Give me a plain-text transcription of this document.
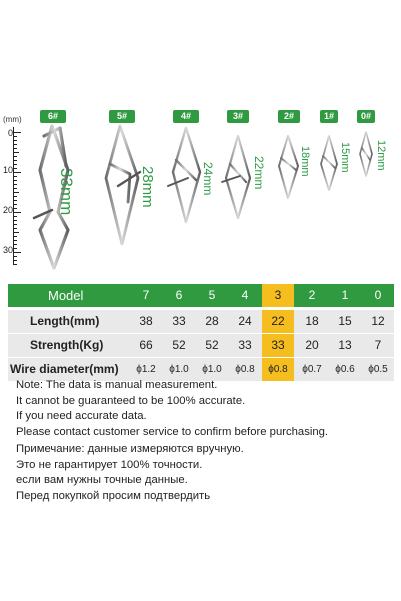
(mm)
0
10
20
30
6#	5#	4#	3#	2#	1#	0#
33mm	28mm	24mm	22mm	18mm	15mm 12mm
Model	7	6	5	4	3	2	1	0
Length(mm)	38	33	28	24	22	18	15	12
Strength(Kg)	66	52	52	33	33	20	13	7
Wire diameter(mm)	ϕ1.2	ϕ1.0	ϕ1.0	ϕ0.8	ϕ0.8	ϕ0.7	ϕ0.6	ϕ0.5
Note: The data is manual measurement.
It cannot be guaranteed to be 100% accurate.
If you need accurate data.
Please contact customer service to confirm before purchasing.
Примечание: данные измеряются вручную.
Это не гарантирует 100% точности.
если вам нужны точные данные.
Перед покупкой просим подтвердить
